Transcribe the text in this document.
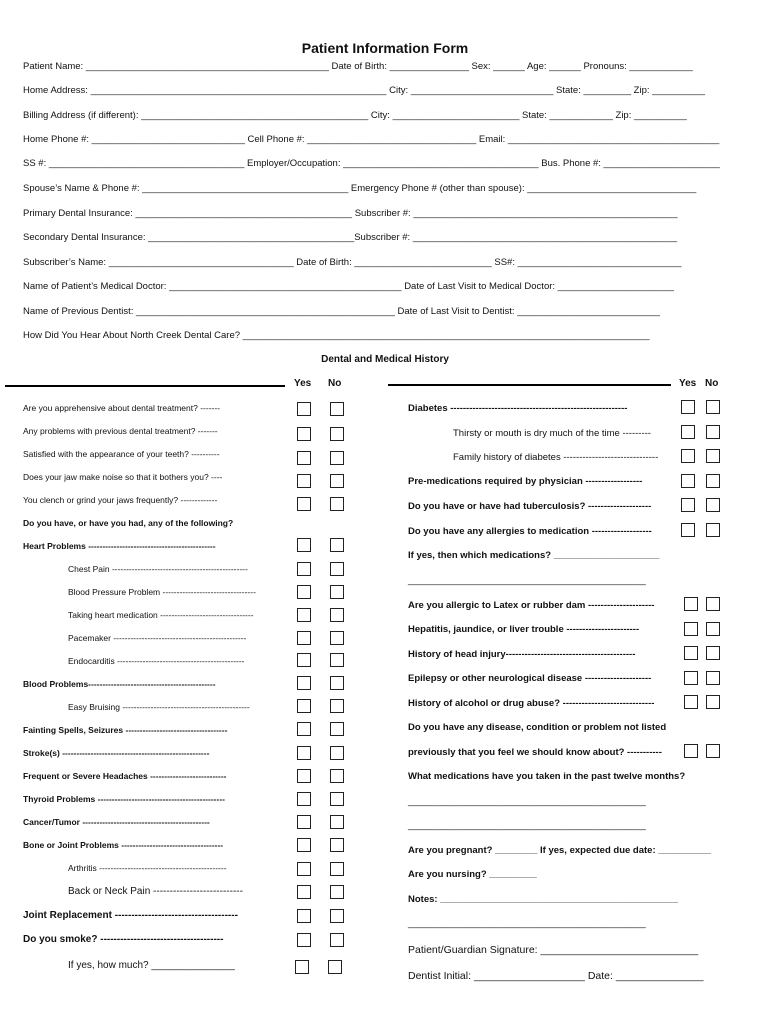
Patient Information Form
Patient Name: ______________________________________________ Date of Birth: _______________ Sex: ______ Age: ______ Pronouns: ____________
Home Address: ________________________________________________________ City: ___________________________ State: _________ Zip: __________
Billing Address (if different): ___________________________________________ City: ________________________ State: ____________ Zip: __________
Home Phone #: _____________________________ Cell Phone #: ________________________________ Email: ________________________________________
SS #: _____________________________________ Employer/Occupation: _____________________________________ Bus. Phone #: ______________________
Spouse’s Name & Phone #: _______________________________________ Emergency Phone # (other than spouse): ________________________________
Primary Dental Insurance: _________________________________________ Subscriber #: __________________________________________________
Secondary Dental Insurance: _______________________________________Subscriber #: __________________________________________________
Subscriber’s Name: ___________________________________ Date of Birth: __________________________ SS#: _______________________________
Name of Patient’s Medical Doctor: ____________________________________________ Date of Last Visit to Medical Doctor: ______________________
Name of Previous Dentist: _________________________________________________ Date of Last Visit to Dentist: ___________________________
How Did You Hear About North Creek Dental Care? _____________________________________________________________________________
Dental and Medical History
Yes No	Yes No
Are you apprehensive about dental treatment? -------
Any problems with previous dental treatment? -------
Satisfied with the appearance of your teeth? ----------
Does your jaw make noise so that it bothers you? ----
You clench or grind your jaws frequently? -------------
Do you have, or have you had, any of the following?
Heart Problems ---------------------------------------------
Chest Pain ------------------------------------------------
Blood Pressure Problem ---------------------------------
Taking heart medication ---------------------------------
Pacemaker -----------------------------------------------
Endocarditis ---------------------------------------------
Blood Problems---------------------------------------------
Easy Bruising ---------------------------------------------
Fainting Spells, Seizures ------------------------------------
Stroke(s) ----------------------------------------------------
Frequent or Severe Headaches ---------------------------
Thyroid Problems ---------------------------------------------
Cancer/Tumor ---------------------------------------------
Bone or Joint Problems ------------------------------------
Arthritis ---------------------------------------------
Back or Neck Pain ---------------------------
Joint Replacement -------------------------------------
Do you smoke? -------------------------------------
If yes, how much? _______________
Diabetes --------------------------------------------------------
Thirsty or mouth is dry much of the time ---------
Family history of diabetes ------------------------------
Pre-medications required by physician ------------------
Do you have or have had tuberculosis? --------------------
Do you have any allergies to medication -------------------
If yes, then which medications? ____________________
_____________________________________________
Are you allergic to Latex or rubber dam ---------------------
Hepatitis, jaundice, or liver trouble -----------------------
History of head injury-----------------------------------------
Epilepsy or other neurological disease ---------------------
History of alcohol or drug abuse? -----------------------------
Do you have any disease, condition or problem not listed
previously that you feel we should know about? -----------
What medications have you taken in the past twelve months?
_____________________________________________
_____________________________________________
Are you pregnant? ________ If yes, expected due date: __________
Are you nursing? _________
Notes: _____________________________________________
_____________________________________________
Patient/Guardian Signature: ___________________________
Dentist Initial: ___________________ Date: _______________
